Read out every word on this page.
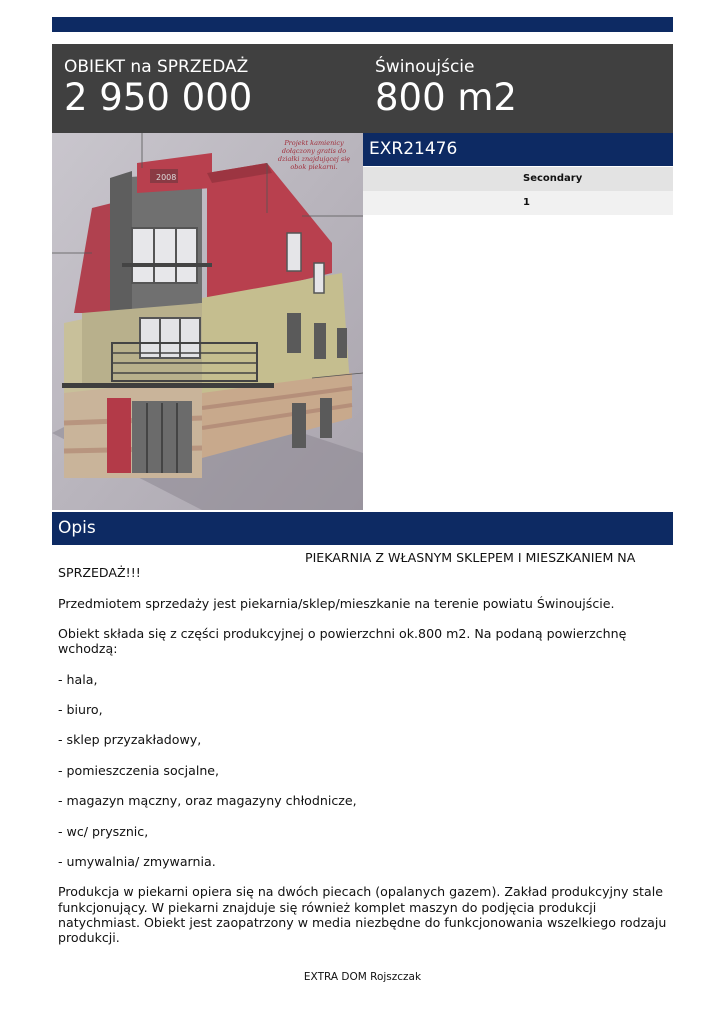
OBIEKT na SPRZEDAŻ
2 950 000
Świnoujście
800 m2
2008
Projekt kamienicy
dołączony gratis do
działki znajdującej się
obok piekarni.
EXR21476
Secondary
1
Opis

PIEKARNIA Z WŁASNYM SKLEPEM I MIESZKANIEM NA SPRZEDAŻ!!!

Przedmiotem sprzedaży jest piekarnia/sklep/mieszkanie na terenie powiatu Świnoujście.

Obiekt składa się z części produkcyjnej o powierzchni ok.800 m2. Na podaną powierzchnę wchodzą:

- hala,

- biuro,

- sklep przyzakładowy,

- pomieszczenia socjalne,

- magazyn mączny, oraz magazyny chłodnicze,

- wc/ prysznic,

- umywalnia/ zmywarnia.

Produkcja w piekarni opiera się na dwóch piecach (opalanych gazem). Zakład produkcyjny stale funkcjonujący. W piekarni znajduje się również komplet maszyn do podjęcia produkcji natychmiast. Obiekt jest zaopatrzony w media niezbędne do funkcjonowania wszelkiego rodzaju produkcji.

EXTRA DOM Rojszczak
